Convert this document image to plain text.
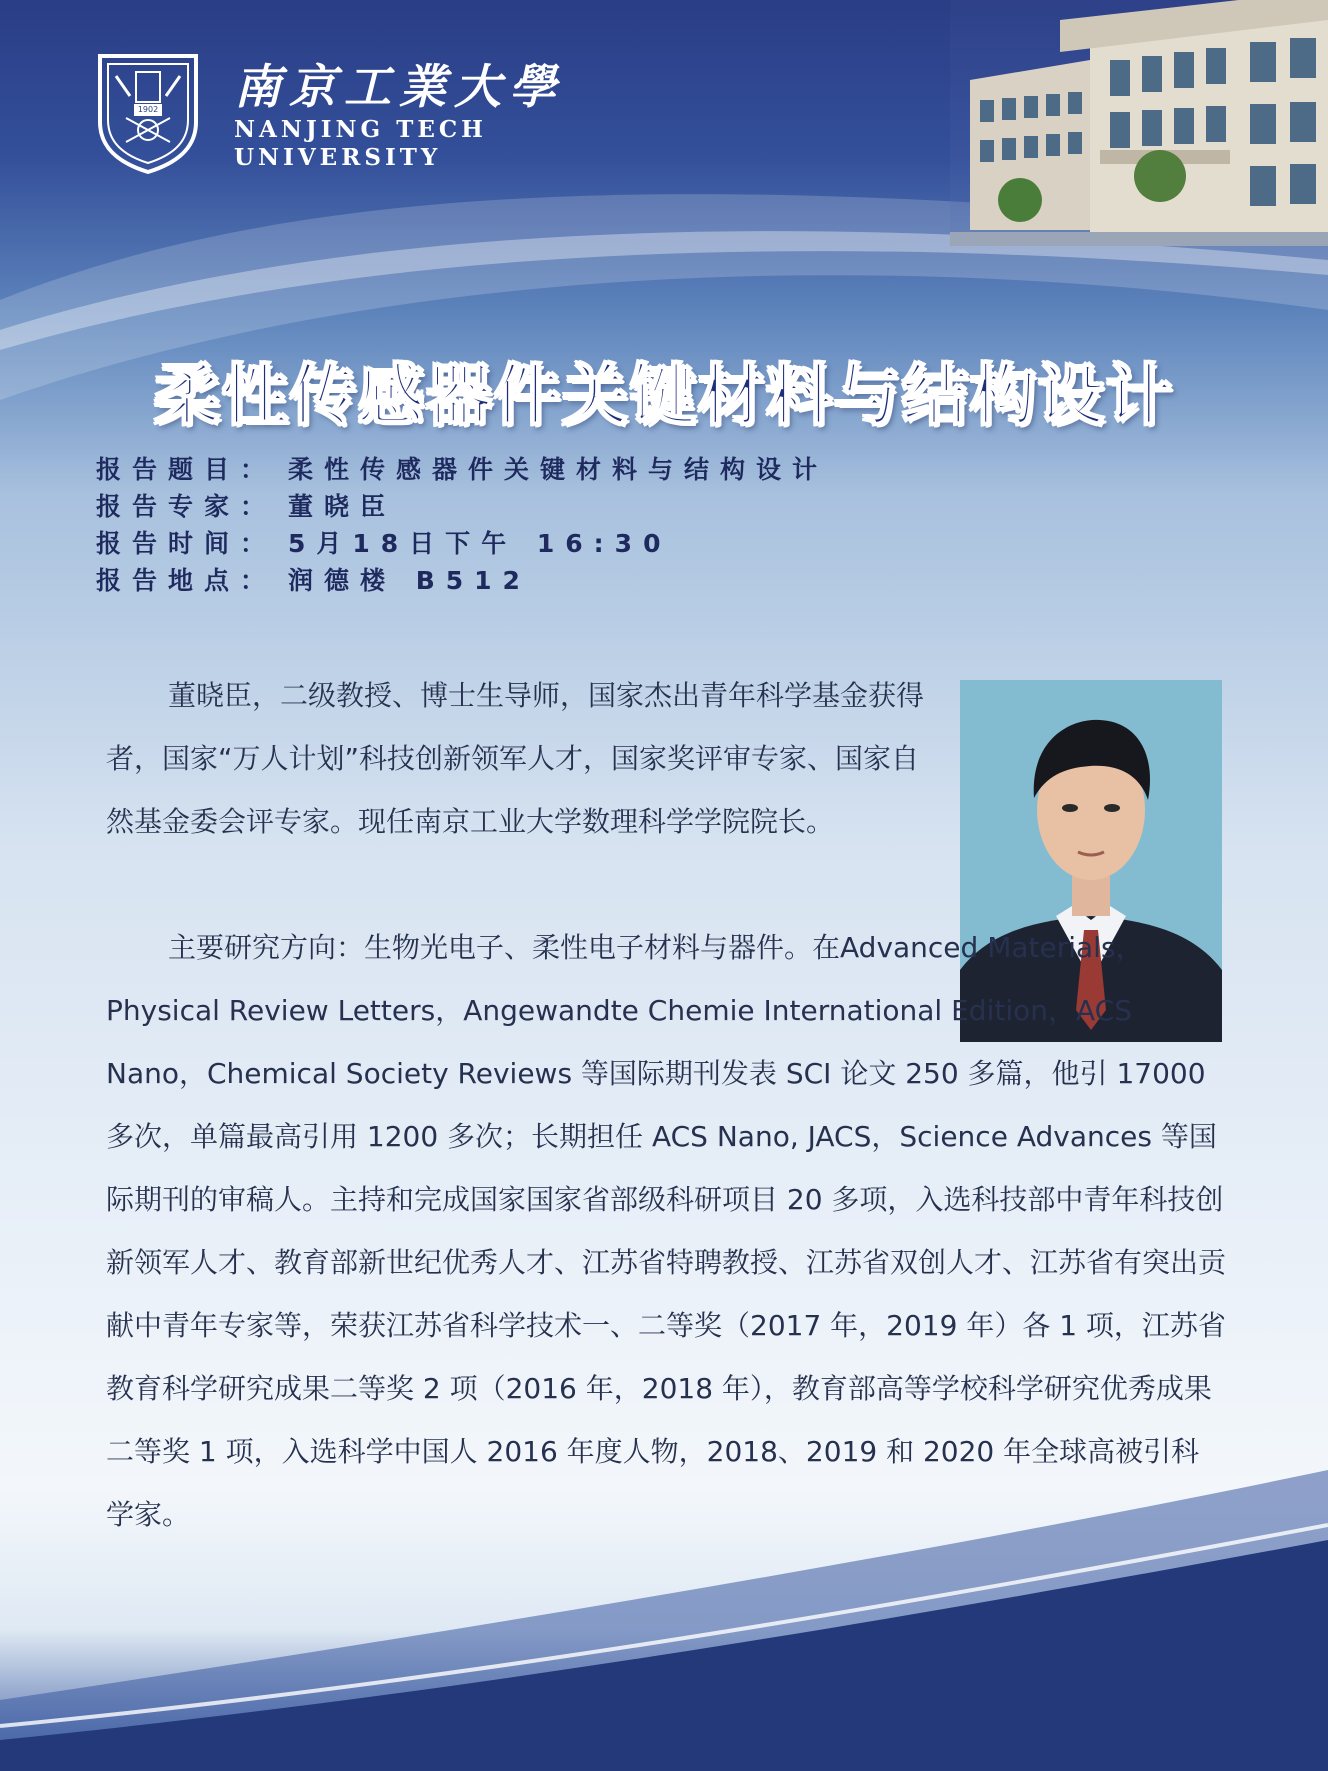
1902 南京工業大學
NANJING TECH
UNIVERSITY
柔性传感器件关键材料与结构设计
报告题目： 柔性传感器件关键材料与结构设计
报告专家： 董晓臣
报告时间： 5月18日下午 16:30
报告地点： 润德楼 B512

董晓臣，二级教授、博士生导师，国家杰出青年科学基金获得者，国家“万人计划”科技创新领军人才，国家奖评审专家、国家自然基金委会评专家。现任南京工业大学数理科学学院院长。

主要研究方向：生物光电子、柔性电子材料与器件。在Advanced Materials，Physical Review Letters，Angewandte Chemie International Edition，ACS Nano，Chemical Society Reviews 等国际期刊发表 SCI 论文 250 多篇，他引 17000 多次，单篇最高引用 1200 多次；长期担任 ACS Nano, JACS，Science Advances 等国际期刊的审稿人。主持和完成国家国家省部级科研项目 20 多项，入选科技部中青年科技创新领军人才、教育部新世纪优秀人才、江苏省特聘教授、江苏省双创人才、江苏省有突出贡献中青年专家等，荣获江苏省科学技术一、二等奖（2017 年，2019 年）各 1 项，江苏省教育科学研究成果二等奖 2 项（2016 年，2018 年），教育部高等学校科学研究优秀成果二等奖 1 项，入选科学中国人 2016 年度人物，2018、2019 和 2020 年全球高被引科学家。
